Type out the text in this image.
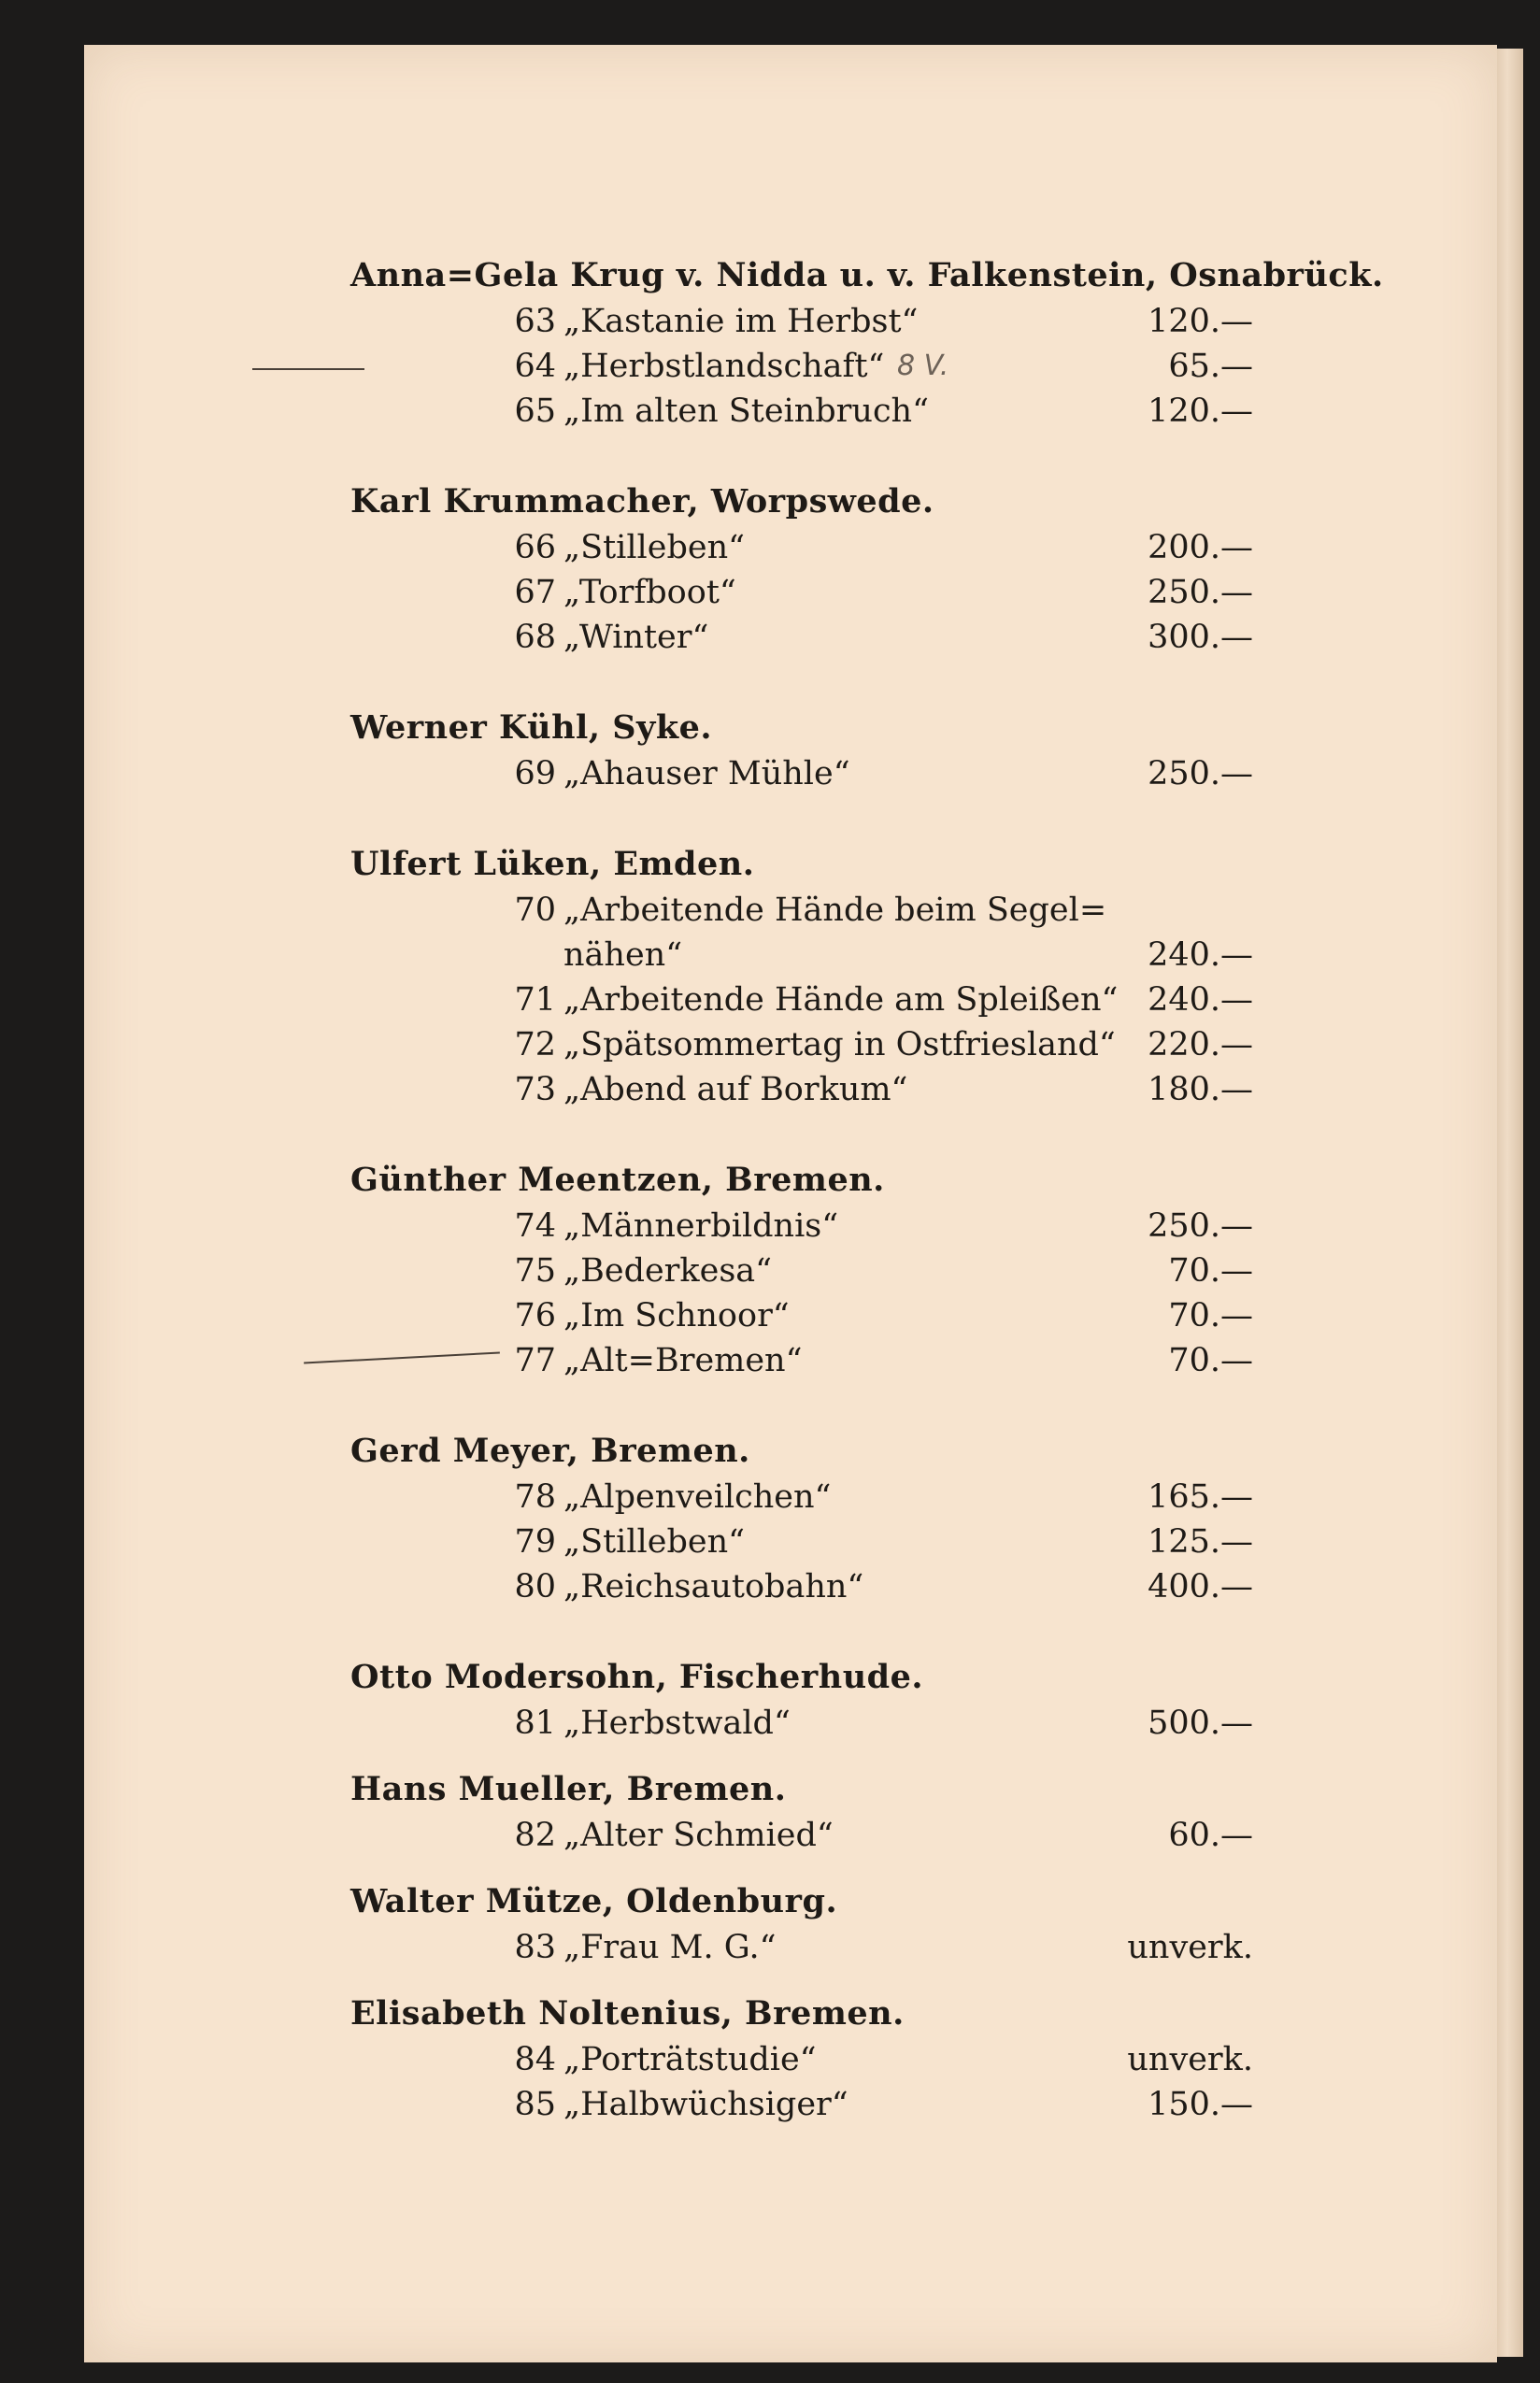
Anna=Gela Krug v. Nidda u. v. Falkenstein, Osnabrück.
63 „Kastanie im Herbst“	120.—
64 „Herbstlandschaft“ 8 V.	65.—
65 „Im alten Steinbruch“	120.—
Karl Krummacher, Worpswede.
66 „Stilleben“	200.—
67 „Torfboot“	250.—
68 „Winter“	300.—
Werner Kühl, Syke.
69 „Ahauser Mühle“	250.—
Ulfert Lüken, Emden.
70 „Arbeitende Hände beim Segel=
nähen“	240.—
71 „Arbeitende Hände am Spleißen“ 240.—
72 „Spätsommertag in Ostfriesland“ 220.—
73 „Abend auf Borkum“	180.—
Günther Meentzen, Bremen.
74 „Männerbildnis“	250.—
75 „Bederkesa“	70.—
76 „Im Schnoor“	70.—
77 „Alt=Bremen“	70.—
Gerd Meyer, Bremen.
78 „Alpenveilchen“	165.—
79 „Stilleben“	125.—
80 „Reichsautobahn“	400.—
Otto Modersohn, Fischerhude.
81 „Herbstwald“	500.—
Hans Mueller, Bremen.
82 „Alter Schmied“	60.—
Walter Mütze, Oldenburg.
83 „Frau M. G.“	unverk.
Elisabeth Noltenius, Bremen.
84 „Porträtstudie“	unverk.
85 „Halbwüchsiger“	150.—
